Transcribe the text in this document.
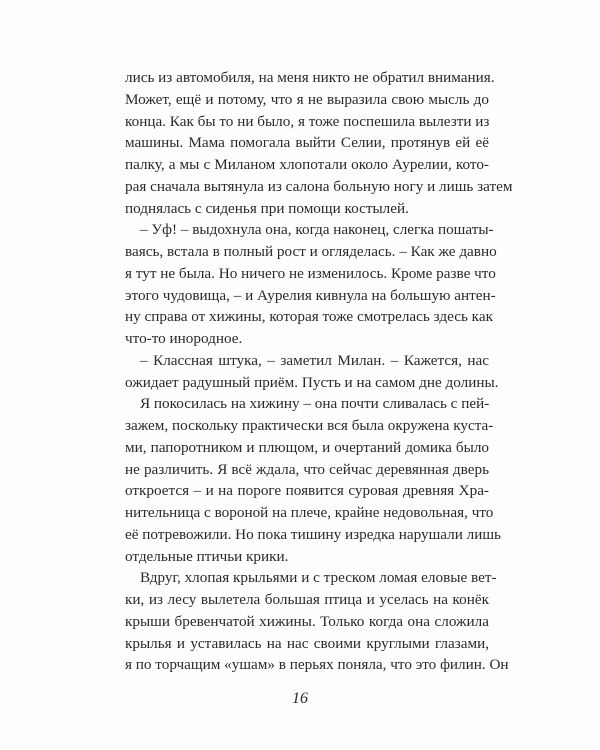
лись из автомобиля, на меня никто не обратил внимания.
Может, ещё и потому, что я не выразила свою мысль до
конца. Как бы то ни было, я тоже поспешила вылезти из
машины. Мама помогала выйти Селии, протянув ей её
палку, а мы с Миланом хлопотали около Аурелии, кото-
рая сначала вытянула из салона больную ногу и лишь затем
поднялась с сиденья при помощи костылей.
– Уф! – выдохнула она, когда наконец, слегка пошаты-
ваясь, встала в полный рост и огляделась. – Как же давно
я тут не была. Но ничего не изменилось. Кроме разве что
этого чудовища, – и Аурелия кивнула на большую антен-
ну справа от хижины, которая тоже смотрелась здесь как
что-то инородное.
– Классная штука, – заметил Милан. – Кажется, нас
ожидает радушный приём. Пусть и на самом дне долины.
Я покосилась на хижину – она почти сливалась с пей-
зажем, поскольку практически вся была окружена куста-
ми, папоротником и плющом, и очертаний домика было
не различить. Я всё ждала, что сейчас деревянная дверь
откроется – и на пороге появится суровая древняя Хра-
нительница с вороной на плече, крайне недовольная, что
её потревожили. Но пока тишину изредка нарушали лишь
отдельные птичьи крики.
Вдруг, хлопая крыльями и с треском ломая еловые вет-
ки, из лесу вылетела большая птица и уселась на конёк
крыши бревенчатой хижины. Только когда она сложила
крылья и уставилась на нас своими круглыми глазами,
я по торчащим «ушам» в перьях поняла, что это филин. Он
16
